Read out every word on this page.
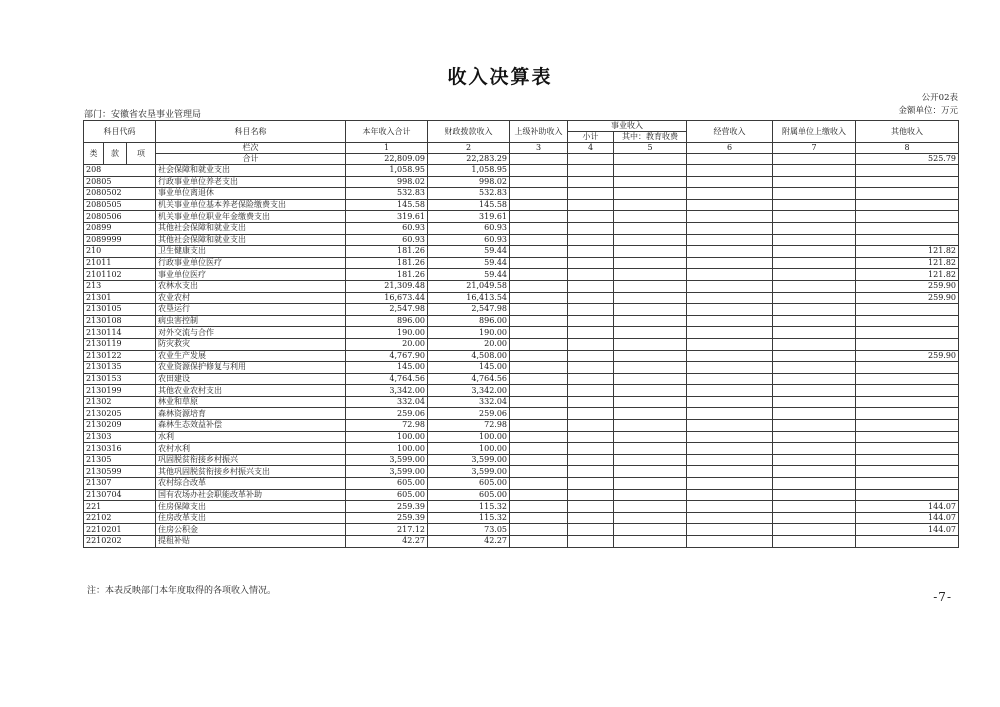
收入决算表
公开02表
金额单位：万元
部门：安徽省农垦事业管理局
科目代码			科目名称	本年收入合计	财政拨款收入	上级补助收入	事业收入		经营收入	附属单位上缴收入	其他收入
							小计	其中：教育收费			
类	款	项	栏次	1	2	3	4	5	6	7	8
			合计	22,809.09	22,283.29						525.79
208			社会保障和就业支出	1,058.95	1,058.95						
20805			行政事业单位养老支出	998.02	998.02						
2080502			事业单位离退休	532.83	532.83						
2080505			机关事业单位基本养老保险缴费支出	145.58	145.58						
2080506			机关事业单位职业年金缴费支出	319.61	319.61						
20899			其他社会保障和就业支出	60.93	60.93						
2089999			其他社会保障和就业支出	60.93	60.93						
210			卫生健康支出	181.26	59.44						121.82
21011			行政事业单位医疗	181.26	59.44						121.82
2101102			事业单位医疗	181.26	59.44						121.82
213			农林水支出	21,309.48	21,049.58						259.90
21301			农业农村	16,673.44	16,413.54						259.90
2130105			农垦运行	2,547.98	2,547.98						
2130108			病虫害控制	896.00	896.00						
2130114			对外交流与合作	190.00	190.00						
2130119			防灾救灾	20.00	20.00						
2130122			农业生产发展	4,767.90	4,508.00						259.90
2130135			农业资源保护修复与利用	145.00	145.00						
2130153			农田建设	4,764.56	4,764.56						
2130199			其他农业农村支出	3,342.00	3,342.00						
21302			林业和草原	332.04	332.04						
2130205			森林资源培育	259.06	259.06						
2130209			森林生态效益补偿	72.98	72.98						
21303			水利	100.00	100.00						
2130316			农村水利	100.00	100.00						
21305			巩固脱贫衔接乡村振兴	3,599.00	3,599.00						
2130599			其他巩固脱贫衔接乡村振兴支出	3,599.00	3,599.00						
21307			农村综合改革	605.00	605.00						
2130704			国有农场办社会职能改革补助	605.00	605.00						
221			住房保障支出	259.39	115.32						144.07
22102			住房改革支出	259.39	115.32						144.07
2210201			住房公积金	217.12	73.05						144.07
2210202			提租补贴	42.27	42.27						
注：本表反映部门本年度取得的各项收入情况。	-7-
